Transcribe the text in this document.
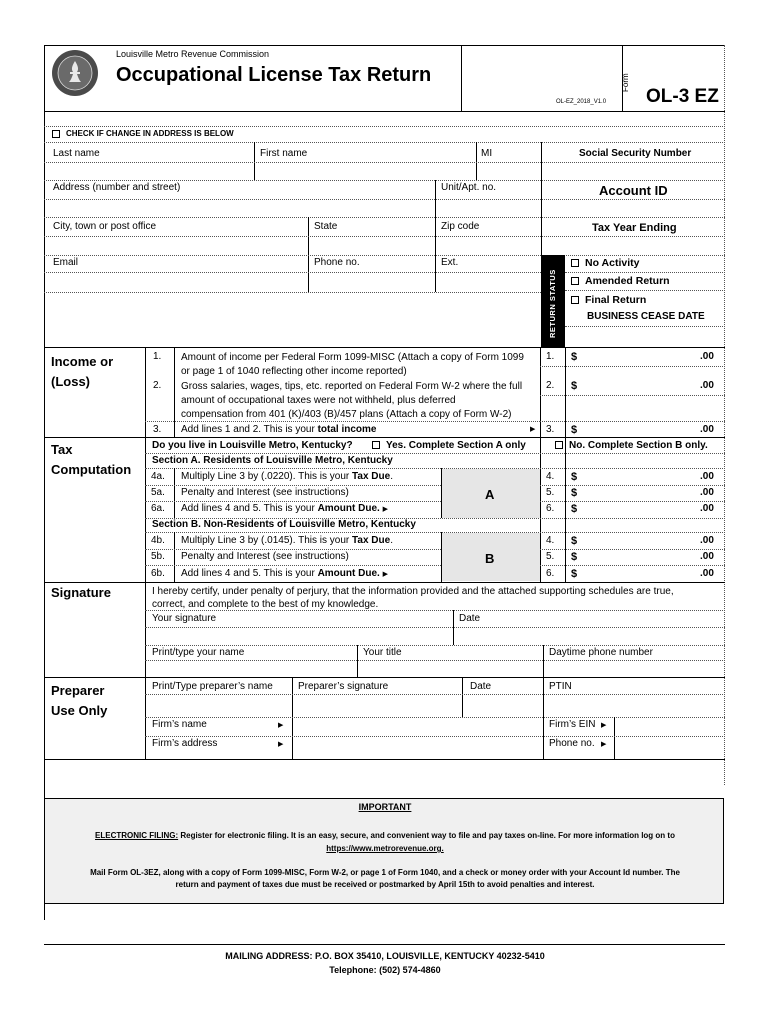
Louisville Metro Revenue Commission
Occupational License Tax Return
OL-EZ_2018_V1.0
Form
OL-3 EZ
CHECK IF CHANGE IN ADDRESS IS BELOW
Last name	First name	MI	Social Security Number
Address (number and street)	Unit/Apt. no.	Account ID
City, town or post office	State	Zip code	Tax Year Ending
Email	Phone no.	Ext.
RETURN STATUS
No Activity
Amended Return
Final Return
BUSINESS CEASE DATE
Income or
(Loss)
1. Amount of income per Federal Form 1099-MISC (Attach a copy of Form 1099
or page 1 of 1040 reflecting other income reported)
2. Gross salaries, wages, tips, etc. reported on Federal Form W-2 where the full
amount of occupational taxes were not withheld, plus deferred
compensation from 401 (K)/403 (B)/457 plans (Attach a copy of Form W-2)
3. Add lines 1 and 2. This is your total income	▶
1. $	.00
2. $	.00
3. $	.00
Tax
Computation
Do you live in Louisville Metro, Kentucky?	Yes. Complete Section A only	No. Complete Section B only.
Section A. Residents of Louisville Metro, Kentucky
A
4a. Multiply Line 3 by (.0220). This is your Tax Due.
5a. Penalty and Interest (see instructions)
6a. Add lines 4 and 5. This is your Amount Due. ▶
4. $	.00
5. $	.00
6. $	.00
Section B. Non-Residents of Louisville Metro, Kentucky
B
4b. Multiply Line 3 by (.0145). This is your Tax Due.
5b. Penalty and Interest (see instructions)
6b. Add lines 4 and 5. This is your Amount Due. ▶
4. $	.00
5. $	.00
6. $	.00
Signature	I hereby certify, under penalty of perjury, that the information provided and the attached supporting schedules are true,
correct, and complete to the best of my knowledge.
Your signature	Date
Print/type your name	Your title	Daytime phone number
Preparer
Use Only
Print/Type preparer’s name	Preparer’s signature	Date	PTIN
Firm’s name	▶	Firm’s EIN ▶
Firm’s address	▶	Phone no. ▶
IMPORTANT
ELECTRONIC FILING: Register for electronic filing. It is an easy, secure, and convenient way to file and pay taxes on-line. For more information log on to
https://www.metrorevenue.org.
Mail Form OL-3EZ, along with a copy of Form 1099-MISC, Form W-2, or page 1 of Form 1040, and a check or money order with your Account Id number. The
return and payment of taxes due must be received or postmarked by April 15th to avoid penalties and interest.
MAILING ADDRESS: P.O. BOX 35410, LOUISVILLE, KENTUCKY 40232-5410
Telephone: (502) 574-4860
